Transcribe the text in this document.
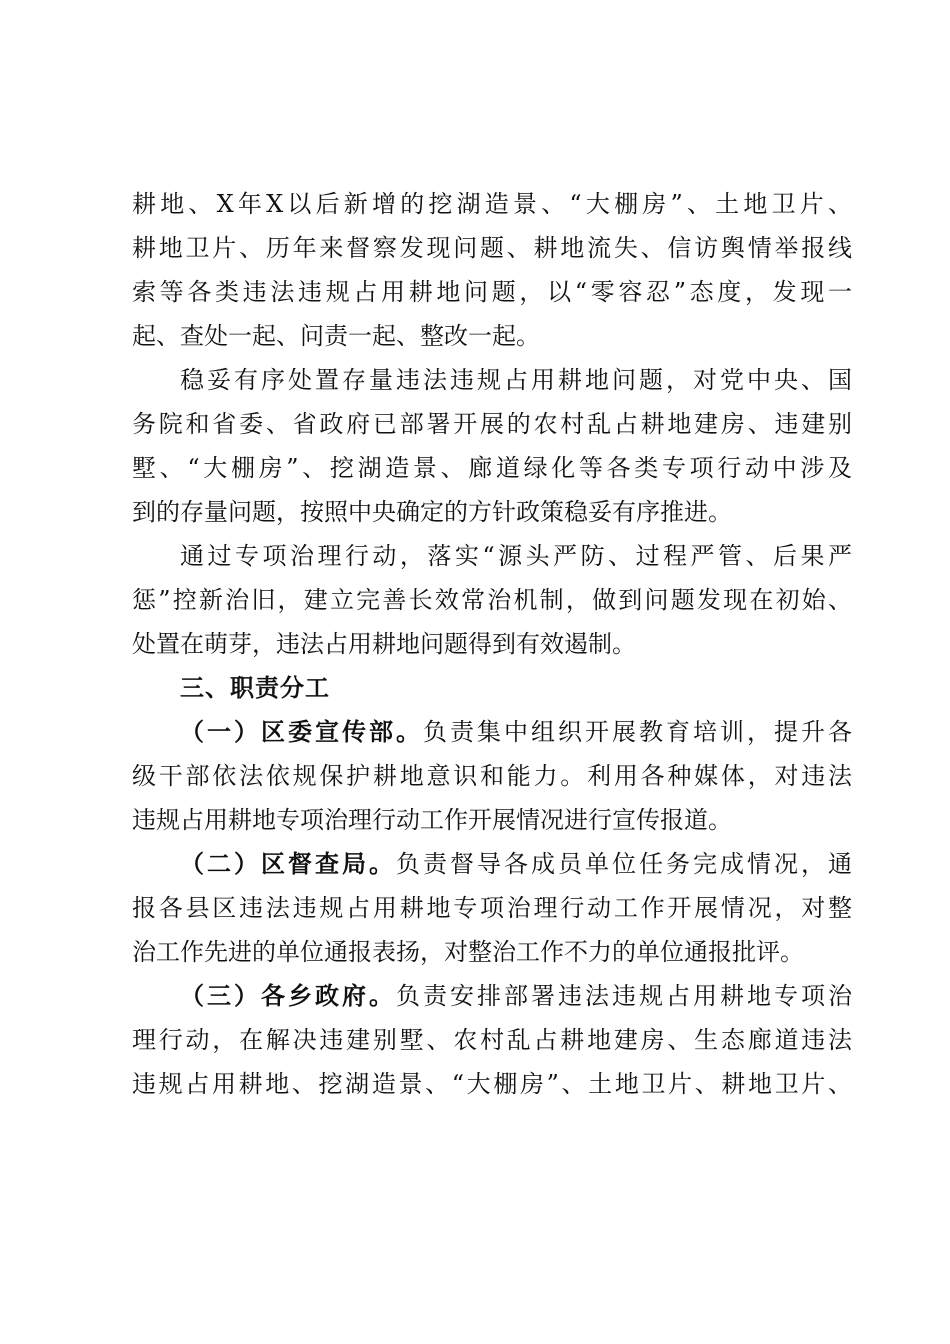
耕地、X年X以后新增的挖湖造景、“大棚房”、土地卫片、
耕地卫片、历年来督察发现问题、耕地流失、信访舆情举报线
索等各类违法违规占用耕地问题，以“零容忍”态度，发现一
起、查处一起、问责一起、整改一起。
稳妥有序处置存量违法违规占用耕地问题，对党中央、国
务院和省委、省政府已部署开展的农村乱占耕地建房、违建别
墅、“大棚房”、挖湖造景、廊道绿化等各类专项行动中涉及
到的存量问题，按照中央确定的方针政策稳妥有序推进。
通过专项治理行动，落实“源头严防、过程严管、后果严
惩”控新治旧，建立完善长效常治机制，做到问题发现在初始、
处置在萌芽，违法占用耕地问题得到有效遏制。
三、职责分工
（一）区委宣传部。负责集中组织开展教育培训，提升各
级干部依法依规保护耕地意识和能力。利用各种媒体，对违法
违规占用耕地专项治理行动工作开展情况进行宣传报道。
（二）区督查局。负责督导各成员单位任务完成情况，通
报各县区违法违规占用耕地专项治理行动工作开展情况，对整
治工作先进的单位通报表扬，对整治工作不力的单位通报批评。
（三）各乡政府。负责安排部署违法违规占用耕地专项治
理行动，在解决违建别墅、农村乱占耕地建房、生态廊道违法
违规占用耕地、挖湖造景、“大棚房”、土地卫片、耕地卫片、
